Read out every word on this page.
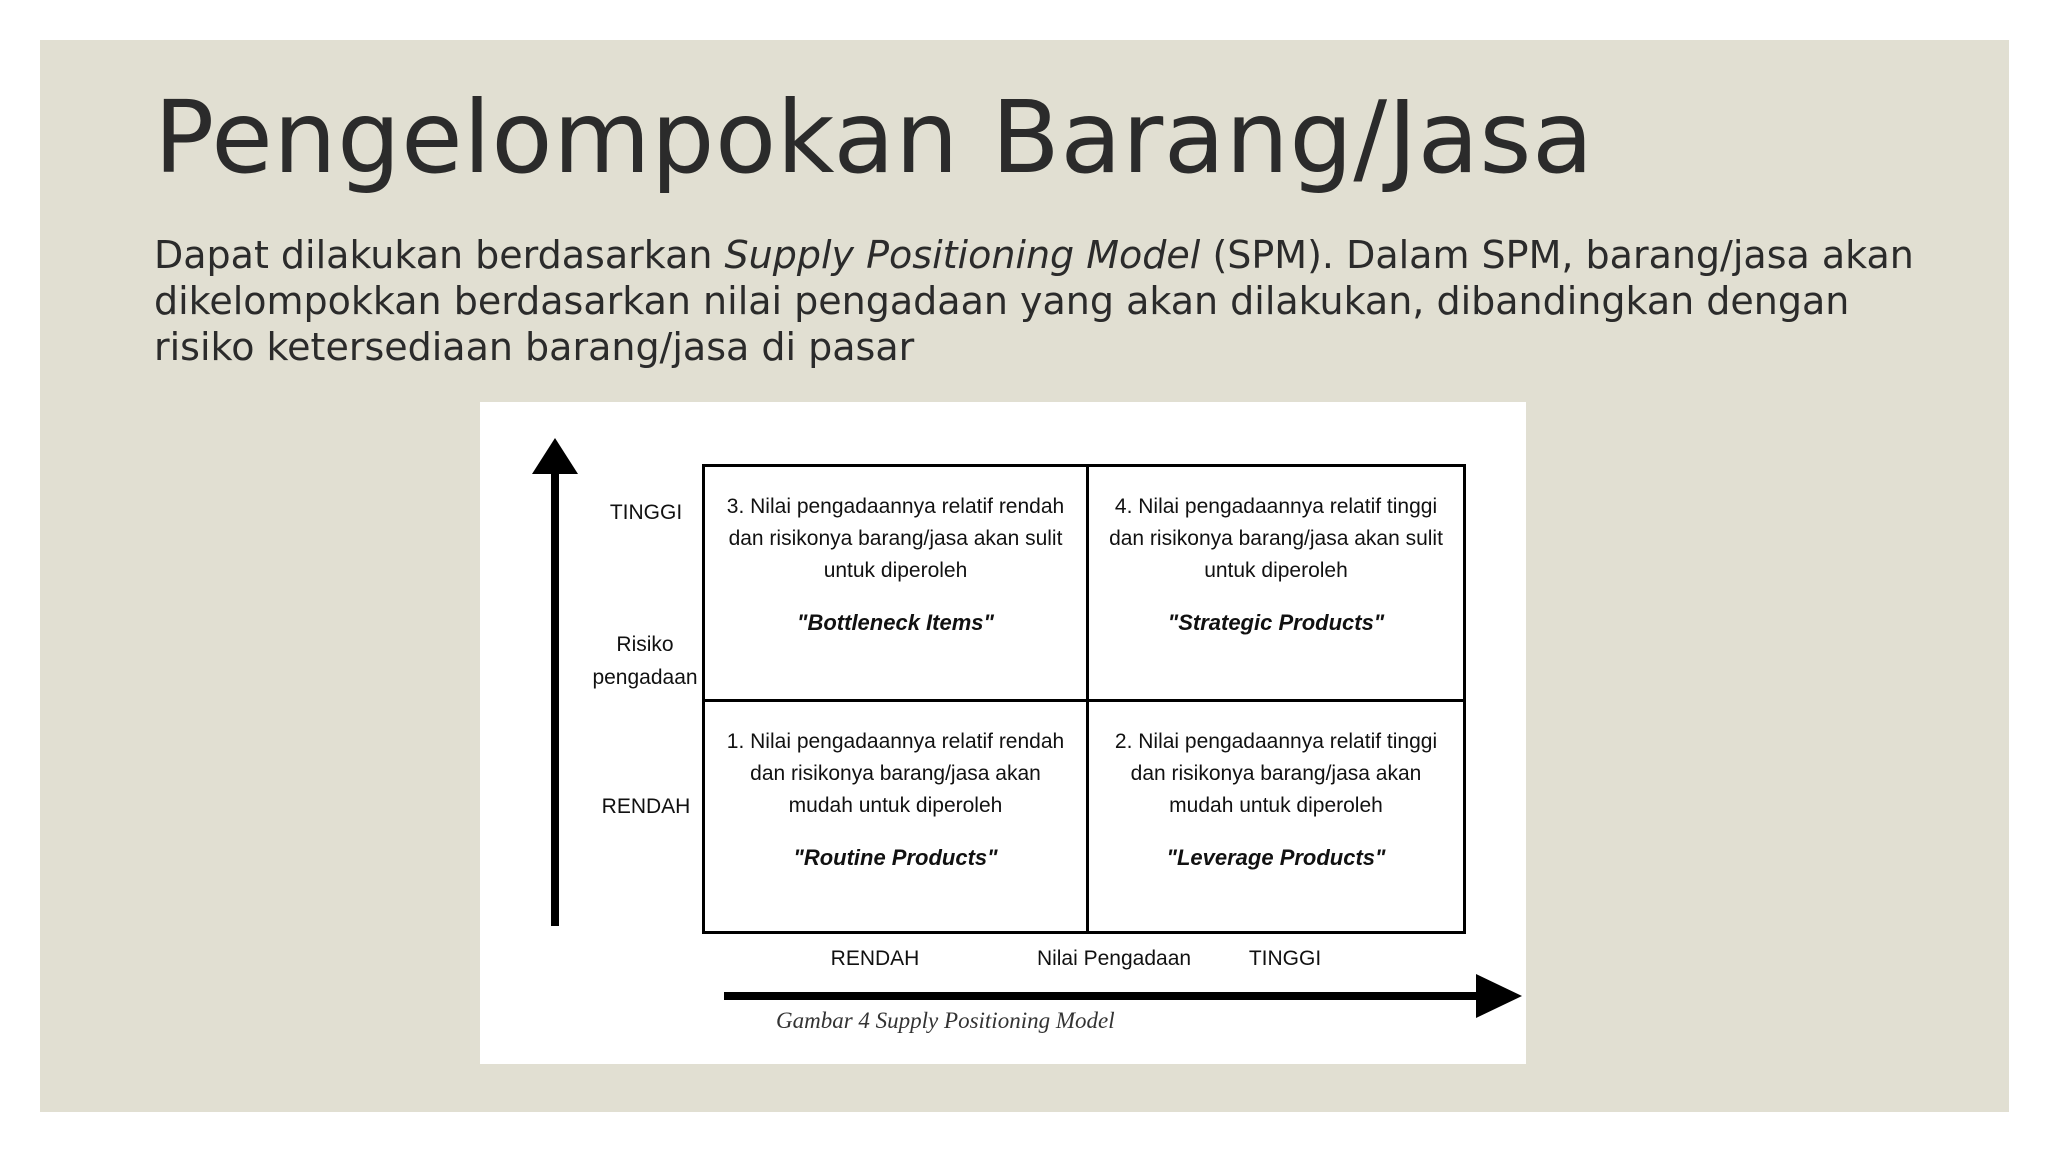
Pengelompokan Barang/Jasa
Dapat dilakukan berdasarkan Supply Positioning Model (SPM). Dalam SPM, barang/jasa akan dikelompokkan berdasarkan nilai pengadaan yang akan dilakukan, dibandingkan dengan risiko ketersediaan barang/jasa di pasar
TINGGI
Risiko
pengadaan
RENDAH
3. Nilai pengadaannya relatif rendah
dan risikonya barang/jasa akan sulit
untuk diperoleh
"Bottleneck Items"
4. Nilai pengadaannya relatif tinggi
dan risikonya barang/jasa akan sulit
untuk diperoleh
"Strategic Products"
1. Nilai pengadaannya relatif rendah
dan risikonya barang/jasa akan
mudah untuk diperoleh
"Routine Products"
2. Nilai pengadaannya relatif tinggi
dan risikonya barang/jasa akan
mudah untuk diperoleh
"Leverage Products"
RENDAH	Nilai Pengadaan	TINGGI
Gambar 4 Supply Positioning Model
